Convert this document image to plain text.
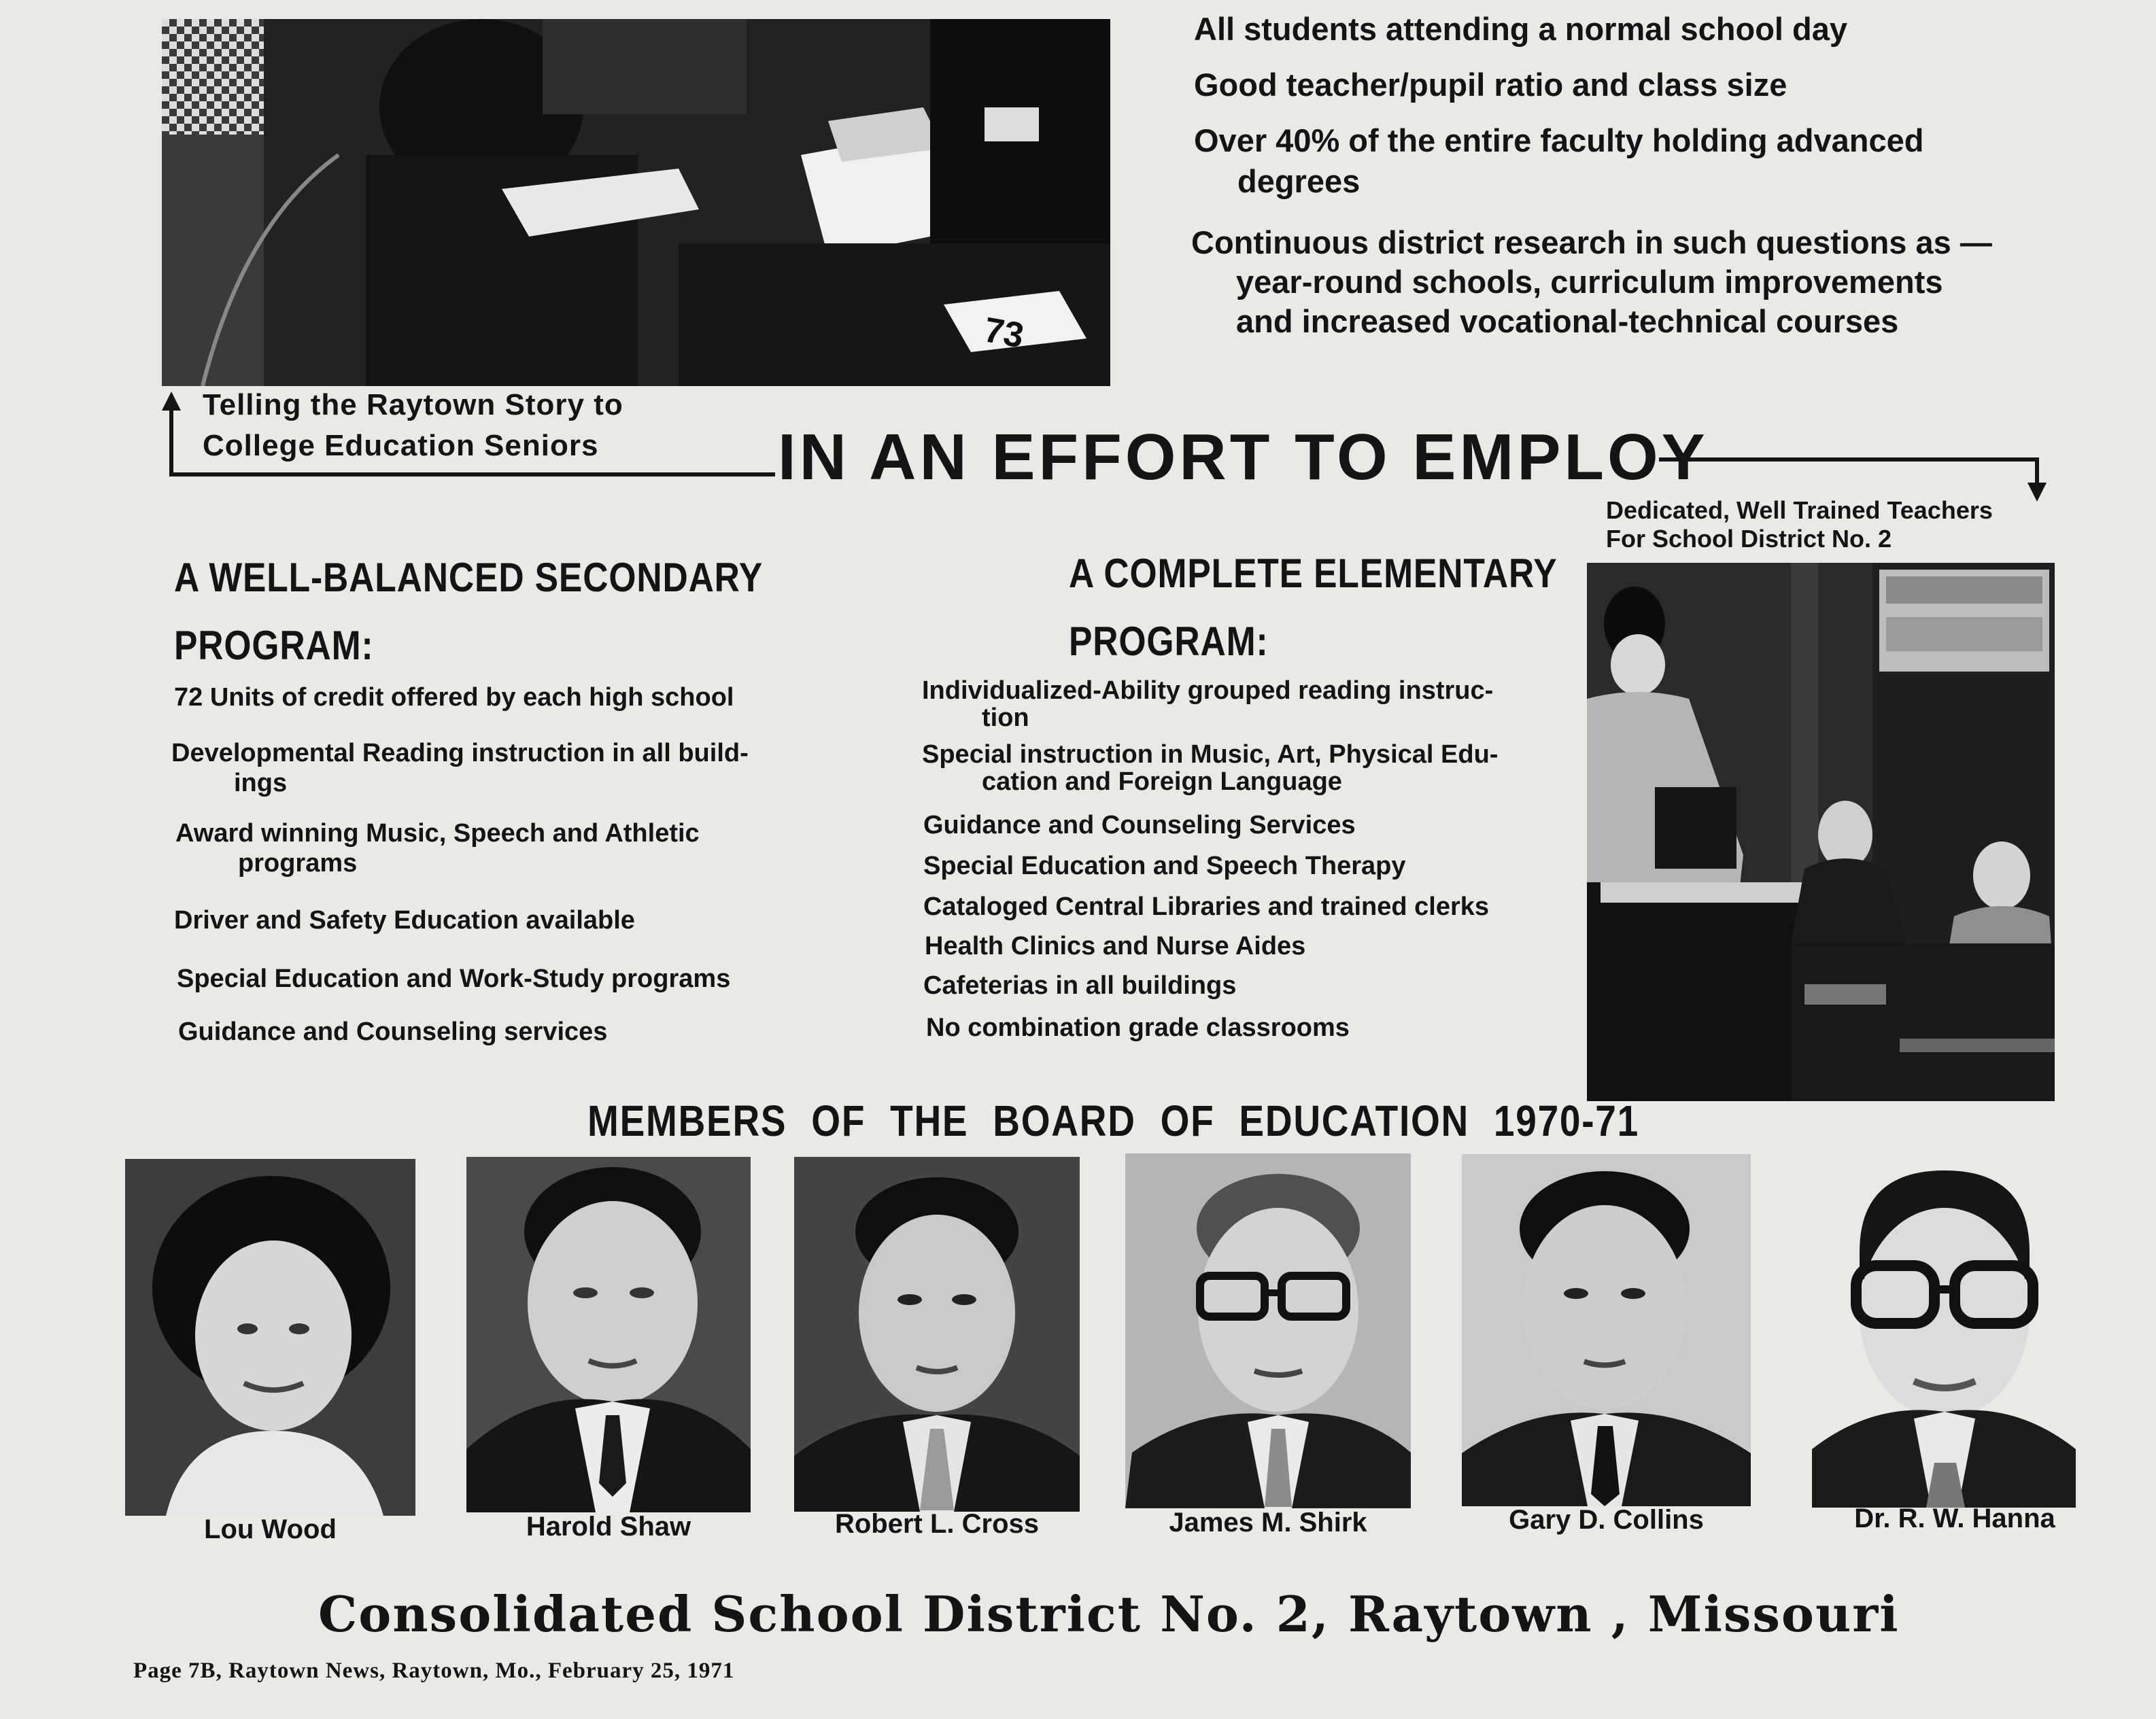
73
All students attending a normal school day
Good teacher/pupil ratio and class size
Over 40% of the entire faculty holding advanced
degrees
Continuous district research in such questions as —
year-round schools, curriculum improvements
and increased vocational-technical courses
Telling the Raytown Story to
College Education Seniors	IN AN EFFORT TO EMPLOY
Dedicated, Well Trained Teachers
For School District No. 2
A WELL-BALANCED SECONDARY
PROGRAM:
72 Units of credit offered by each high school
Developmental Reading instruction in all build-
ings
Award winning Music, Speech and Athletic
programs
Driver and Safety Education available
Special Education and Work-Study programs
Guidance and Counseling services
A COMPLETE ELEMENTARY
PROGRAM:
Individualized-Ability grouped reading instruc-
tion
Special instruction in Music, Art, Physical Edu-
cation and Foreign Language
Guidance and Counseling Services
Special Education and Speech Therapy
Cataloged Central Libraries and trained clerks
Health Clinics and Nurse Aides
Cafeterias in all buildings
No combination grade classrooms
MEMBERS OF THE BOARD OF EDUCATION 1970-71
Lou Wood	Harold Shaw	Robert L. Cross	James M. Shirk	Gary D. Collins	Dr. R. W. Hanna
Consolidated School District No. 2, Raytown , Missouri
Page 7B, Raytown News, Raytown, Mo., February 25, 1971
